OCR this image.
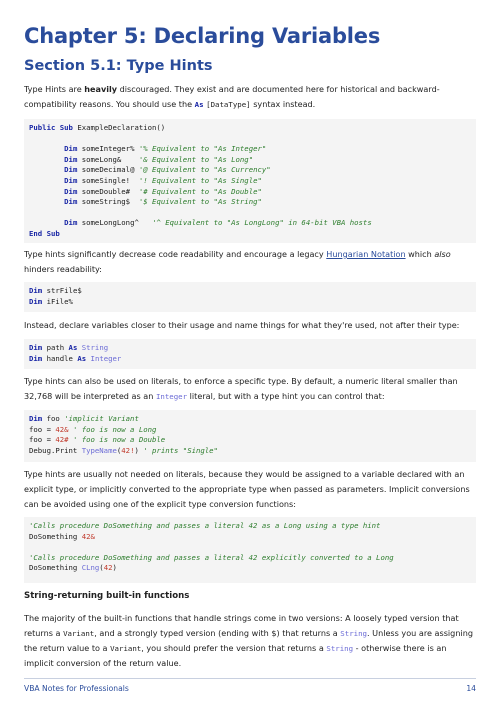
Chapter 5: Declaring Variables
Section 5.1: Type Hints
Type Hints are heavily discouraged. They exist and are documented here for historical and backward-compatibility reasons. You should use the As [DataType] syntax instead.
Public Sub ExampleDeclaration()

Dim someInteger% '% Equivalent to "As Integer"
Dim someLong&    '& Equivalent to "As Long"
Dim someDecimal@ '@ Equivalent to "As Currency"
Dim someSingle!  '! Equivalent to "As Single"
Dim someDouble#  '# Equivalent to "As Double"
Dim someString$  '$ Equivalent to "As String"

Dim someLongLong^   '^ Equivalent to "As LongLong" in 64-bit VBA hosts
End Sub
Type hints significantly decrease code readability and encourage a legacy Hungarian Notation which also hinders readability:
Dim strFile$
Dim iFile%
Instead, declare variables closer to their usage and name things for what they're used, not after their type:
Dim path As String
Dim handle As Integer
Type hints can also be used on literals, to enforce a specific type. By default, a numeric literal smaller than 32,768 will be interpreted as an Integer literal, but with a type hint you can control that:
Dim foo 'implicit Variant
foo = 42& ' foo is now a Long
foo = 42# ' foo is now a Double
Debug.Print TypeName(42!) ' prints "Single"
Type hints are usually not needed on literals, because they would be assigned to a variable declared with an explicit type, or implicitly converted to the appropriate type when passed as parameters. Implicit conversions can be avoided using one of the explicit type conversion functions:
'Calls procedure DoSomething and passes a literal 42 as a Long using a type hint
DoSomething 42&

'Calls procedure DoSomething and passes a literal 42 explicitly converted to a Long
DoSomething CLng(42)
String-returning built-in functions
The majority of the built-in functions that handle strings come in two versions: A loosely typed version that returns a Variant, and a strongly typed version (ending with $) that returns a String. Unless you are assigning the return value to a Variant, you should prefer the version that returns a String - otherwise there is an implicit conversion of the return value.
VBA Notes for Professionals	14
